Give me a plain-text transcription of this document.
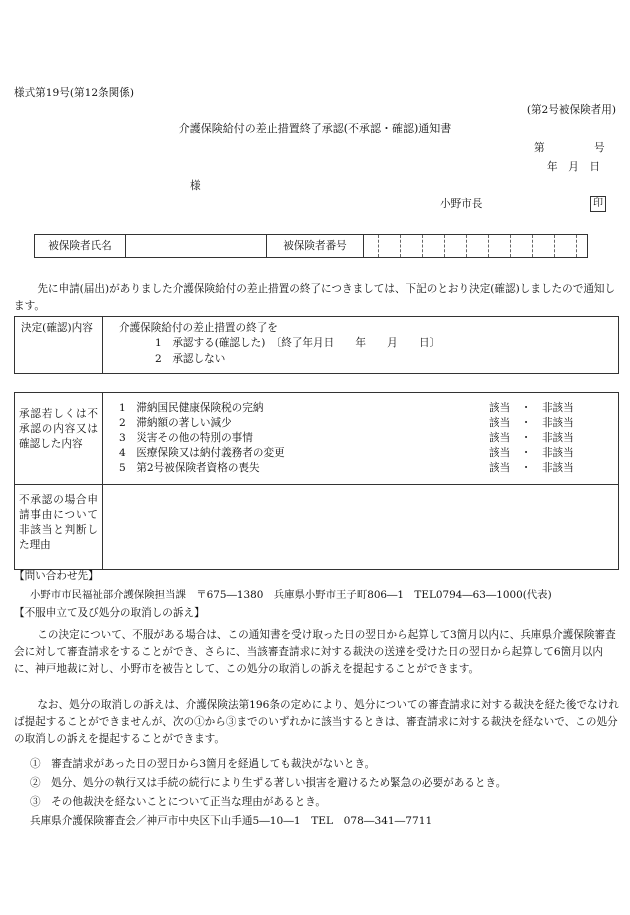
様式第19号(第12条関係)
(第2号被保険者用)
介護保険給付の差止措置終了承認(不承認・確認)通知書
第	号
年　月　日
様
小野市長	印
被保険者氏名	被保険者番号

先に申請(届出)がありました介護保険給付の差止措置の終了につきましては、下記のとおり決定(確認)しましたので通知します。

決定(確認)内容	介護保険給付の差止措置の終了を
1　承認する(確認した)　〔終了年月日　　年　　月　　日〕
2　承認しない
承認若しくは不承認の内容又は確認した内容
1　滞納国民健康保険税の完納	該当　・　非該当
2　滞納額の著しい減少	該当　・　非該当
3　災害その他の特別の事情	該当　・　非該当
4　医療保険又は納付義務者の変更	該当　・　非該当
5　第2号被保険者資格の喪失	該当　・　非該当
不承認の場合申請事由について非該当と判断した理由
【問い合わせ先】
小野市市民福祉部介護保険担当課　〒675―1380　兵庫県小野市王子町806―1　TEL0794―63―1000(代表)
【不服申立て及び処分の取消しの訴え】

この決定について、不服がある場合は、この通知書を受け取った日の翌日から起算して3箇月以内に、兵庫県介護保険審査会に対して審査請求をすることができ、さらに、当該審査請求に対する裁決の送達を受けた日の翌日から起算して6箇月以内に、神戸地裁に対し、小野市を被告として、この処分の取消しの訴えを提起することができます。

なお、処分の取消しの訴えは、介護保険法第196条の定めにより、処分についての審査請求に対する裁決を経た後でなければ提起することができませんが、次の①から③までのいずれかに該当するときは、審査請求に対する裁決を経ないで、この処分の取消しの訴えを提起することができます。

①　審査請求があった日の翌日から3箇月を経過しても裁決がないとき。
②　処分、処分の執行又は手続の続行により生ずる著しい損害を避けるため緊急の必要があるとき。
③　その他裁決を経ないことについて正当な理由があるとき。
兵庫県介護保険審査会／神戸市中央区下山手通5―10―1　TEL　078―341―7711
